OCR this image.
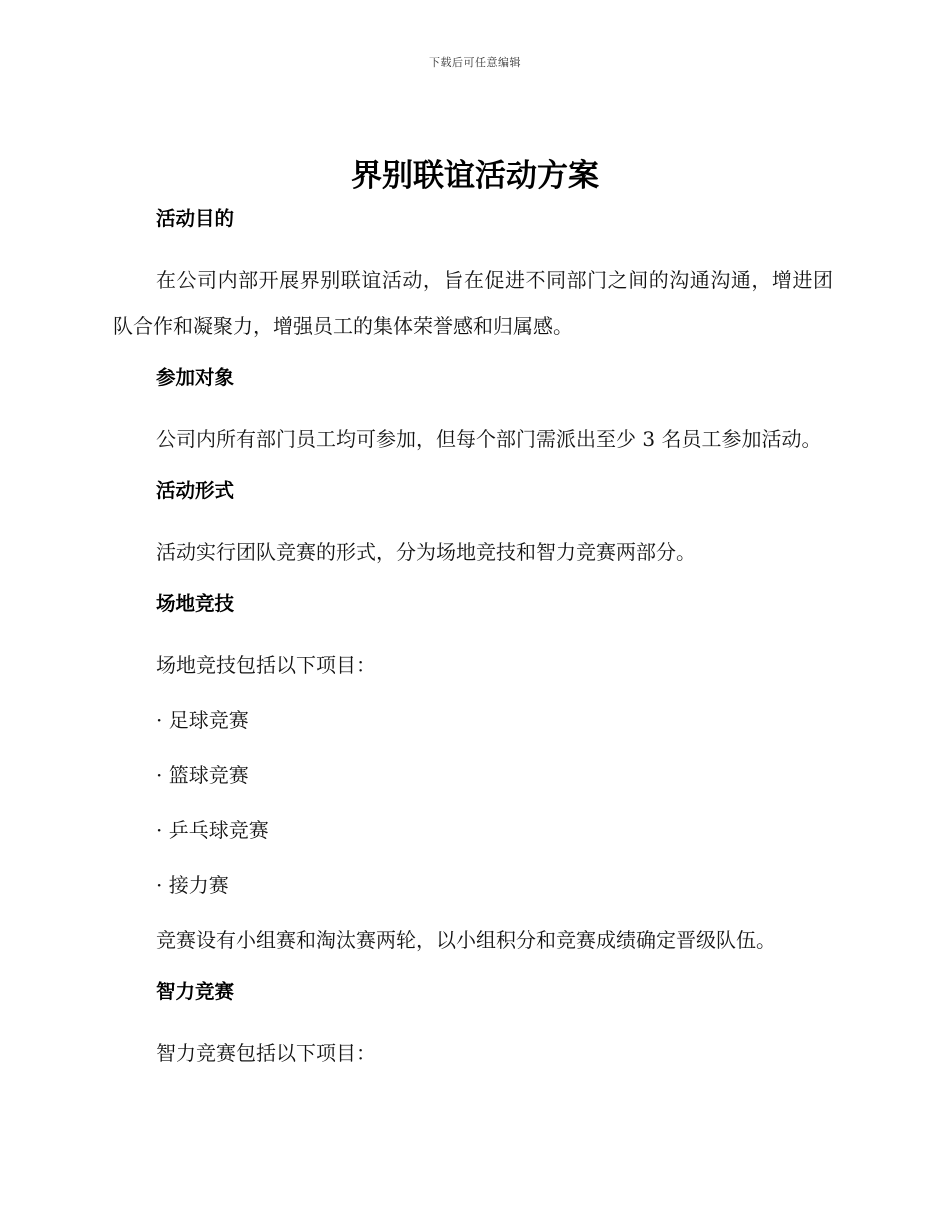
下载后可任意编辑
界别联谊活动方案
活动目的

在公司内部开展界别联谊活动，旨在促进不同部门之间的沟通沟通，增进团队合作和凝聚力，增强员工的集体荣誉感和归属感。

参加对象

公司内所有部门员工均可参加，但每个部门需派出至少 3 名员工参加活动。

活动形式

活动实行团队竞赛的形式，分为场地竞技和智力竞赛两部分。

场地竞技

场地竞技包括以下项目：

· 足球竞赛

· 篮球竞赛

· 乒乓球竞赛

· 接力赛

竞赛设有小组赛和淘汰赛两轮，以小组积分和竞赛成绩确定晋级队伍。

智力竞赛

智力竞赛包括以下项目：
